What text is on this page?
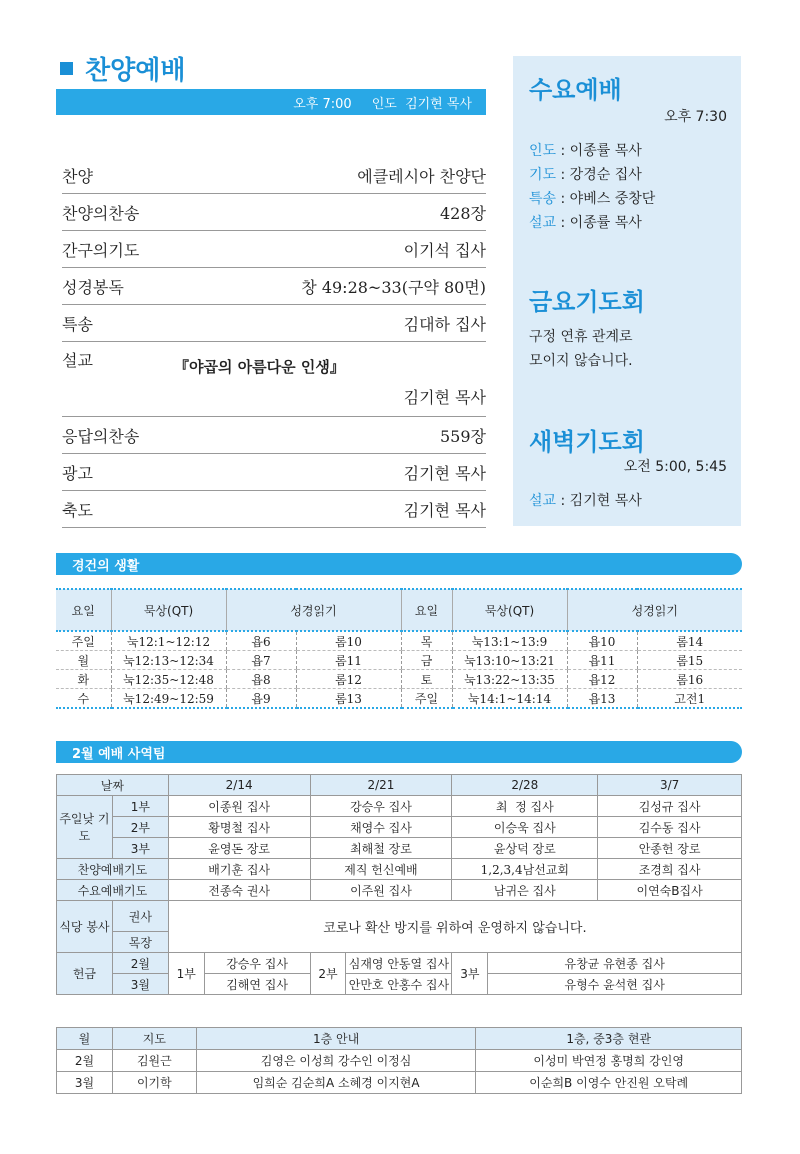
찬양예배
오후 7:00 인도  김기현 목사
찬양	에클레시아 찬양단
찬양의찬송	428장
간구의기도	이기석 집사
성경봉독	창 49:28~33(구약 80면)
특송	김대하 집사
설교	『야곱의 아름다운 인생』
김기현 목사
응답의찬송	559장
광고	김기현 목사
축도	김기현 목사
수요예배
오후 7:30
인도 : 이종률 목사
기도 : 강경순 집사
특송 : 야베스 중창단
설교 : 이종률 목사
금요기도회
구정 연휴 관계로
모이지 않습니다.
새벽기도회
오전 5:00, 5:45
설교 : 김기현 목사
경건의 생활
요일	묵상(QT)	성경읽기		요일	묵상(QT)	성경읽기	
주일	눅12:1~12:12	욥6	롬10	목	눅13:1~13:9	욥10	롬14
월	눅12:13~12:34	욥7	롬11	금	눅13:10~13:21	욥11	롬15
화	눅12:35~12:48	욥8	롬12	토	눅13:22~13:35	욥12	롬16
수	눅12:49~12:59	욥9	롬13	주일	눅14:1~14:14	욥13	고전1
2월 예배 사역팀
날짜		2/14		2/21		2/28		3/7
주일낮 기도	1부	이종원 집사		강승우 집사		최  정 집사		김성규 집사
	2부	황명철 집사		채영수 집사		이승욱 집사		김수동 집사
	3부	윤영돈 장로		최해철 장로		윤상덕 장로		안종헌 장로
찬양예배기도		배기훈 집사		제직 헌신예배		1,2,3,4남선교회		조경희 집사
수요예배기도		전종숙 권사		이주원 집사		남귀은 집사		이연숙B집사
식당 봉사	권사	코로나 확산 방지를 위하여 운영하지 않습니다.						
	목장							
헌금	2월	1부	강승우 집사	2부	심재영 안동열 집사	3부	유창균 유현종 집사	
	3월		김해연 집사		안만호 안홍수 집사		유형수 윤석현 집사	
월	지도	1층 안내	1층, 중3층 현관
2월	김원근	김영은 이성희 강수인 이정심	이성미 박연정 홍명희 강인영
3월	이기학	임희순 김순희A 소혜경 이지현A	이순희B 이영수 안진원 오탁례
